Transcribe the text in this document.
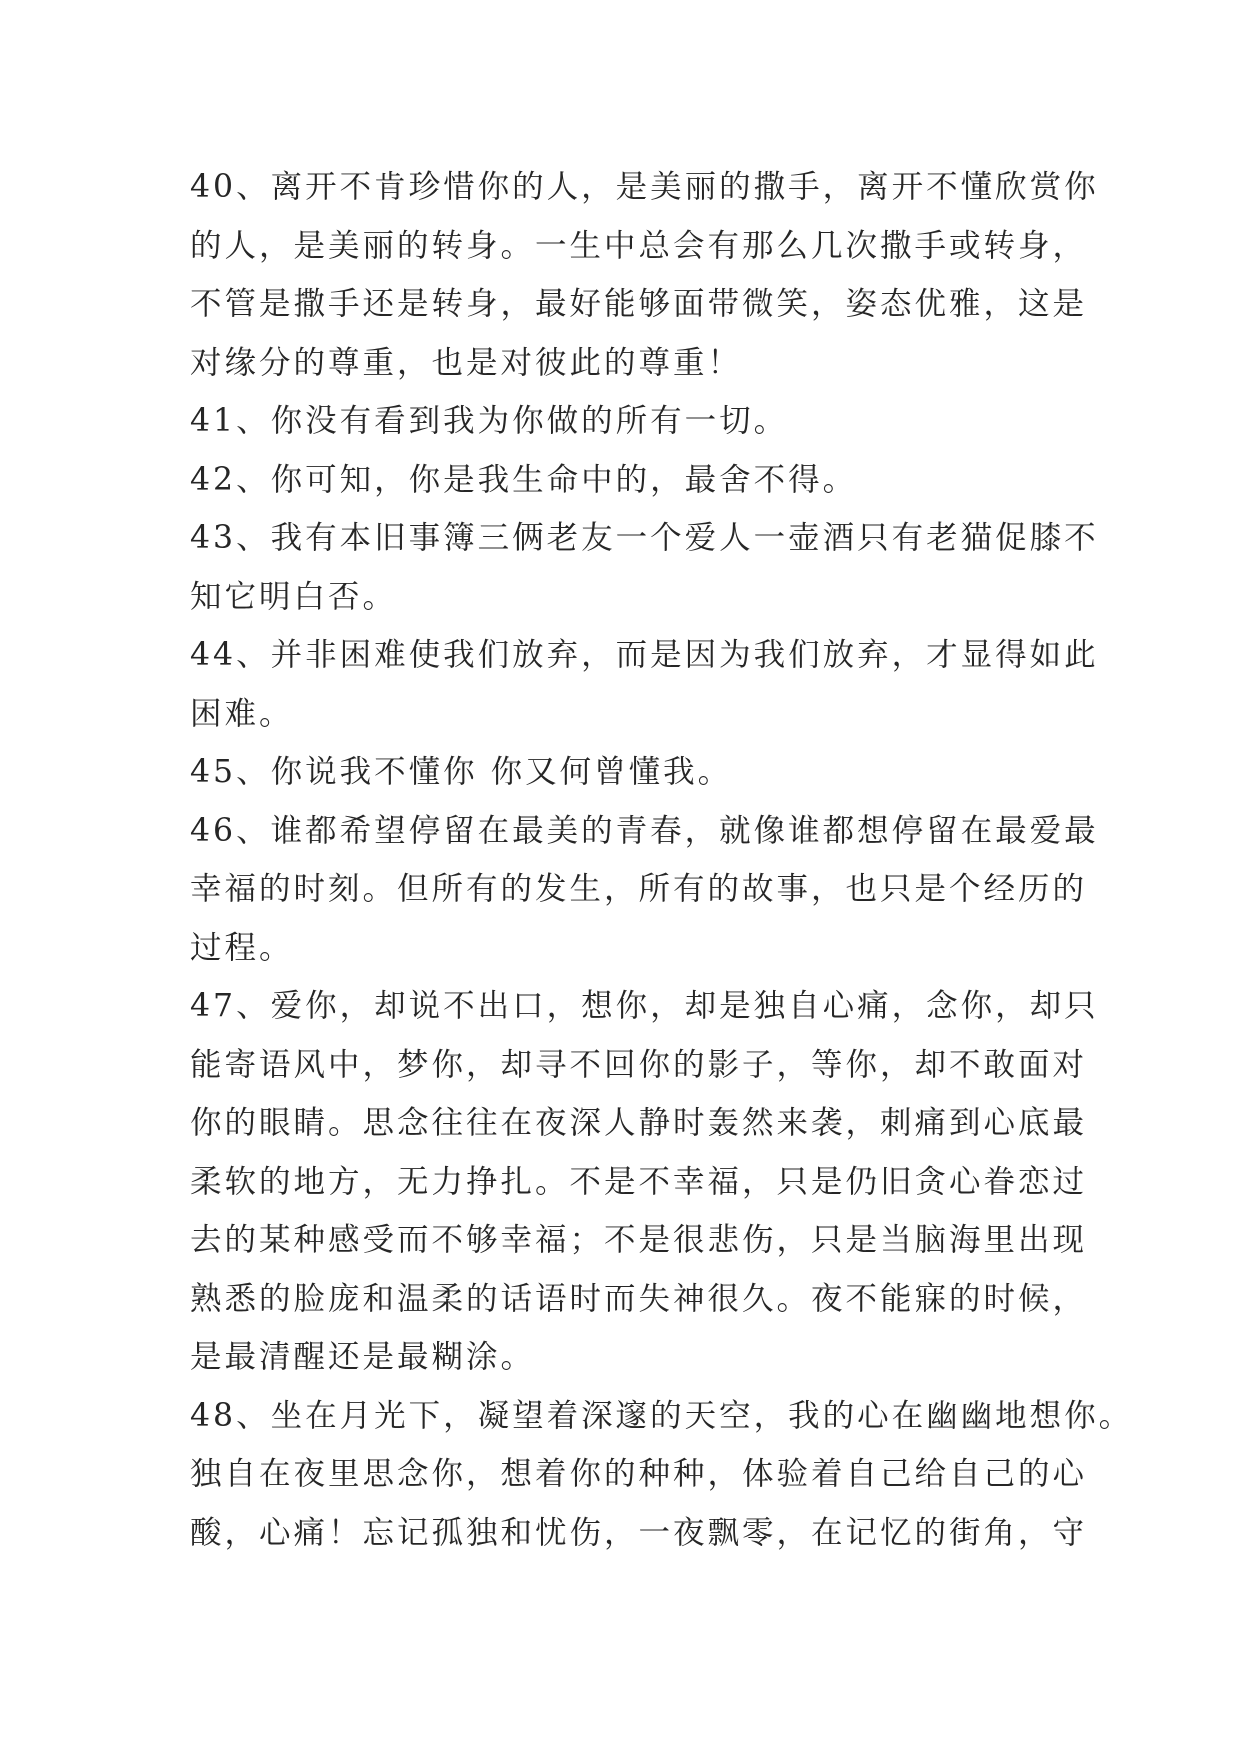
40、离开不肯珍惜你的人，是美丽的撒手，离开不懂欣赏你
的人，是美丽的转身。一生中总会有那么几次撒手或转身，
不管是撒手还是转身，最好能够面带微笑，姿态优雅，这是
对缘分的尊重，也是对彼此的尊重！
41、你没有看到我为你做的所有一切。
42、你可知，你是我生命中的，最舍不得。
43、我有本旧事簿三俩老友一个爱人一壶酒只有老猫促膝不
知它明白否。
44、并非困难使我们放弃，而是因为我们放弃，才显得如此
困难。
45、你说我不懂你 你又何曾懂我。
46、谁都希望停留在最美的青春，就像谁都想停留在最爱最
幸福的时刻。但所有的发生，所有的故事，也只是个经历的
过程。
47、爱你，却说不出口，想你，却是独自心痛，念你，却只
能寄语风中，梦你，却寻不回你的影子，等你，却不敢面对
你的眼睛。思念往往在夜深人静时轰然来袭，刺痛到心底最
柔软的地方，无力挣扎。不是不幸福，只是仍旧贪心眷恋过
去的某种感受而不够幸福；不是很悲伤，只是当脑海里出现
熟悉的脸庞和温柔的话语时而失神很久。夜不能寐的时候，
是最清醒还是最糊涂。
48、坐在月光下，凝望着深邃的天空，我的心在幽幽地想你。
独自在夜里思念你，想着你的种种，体验着自己给自己的心
酸，心痛！忘记孤独和忧伤，一夜飘零，在记忆的街角，守
